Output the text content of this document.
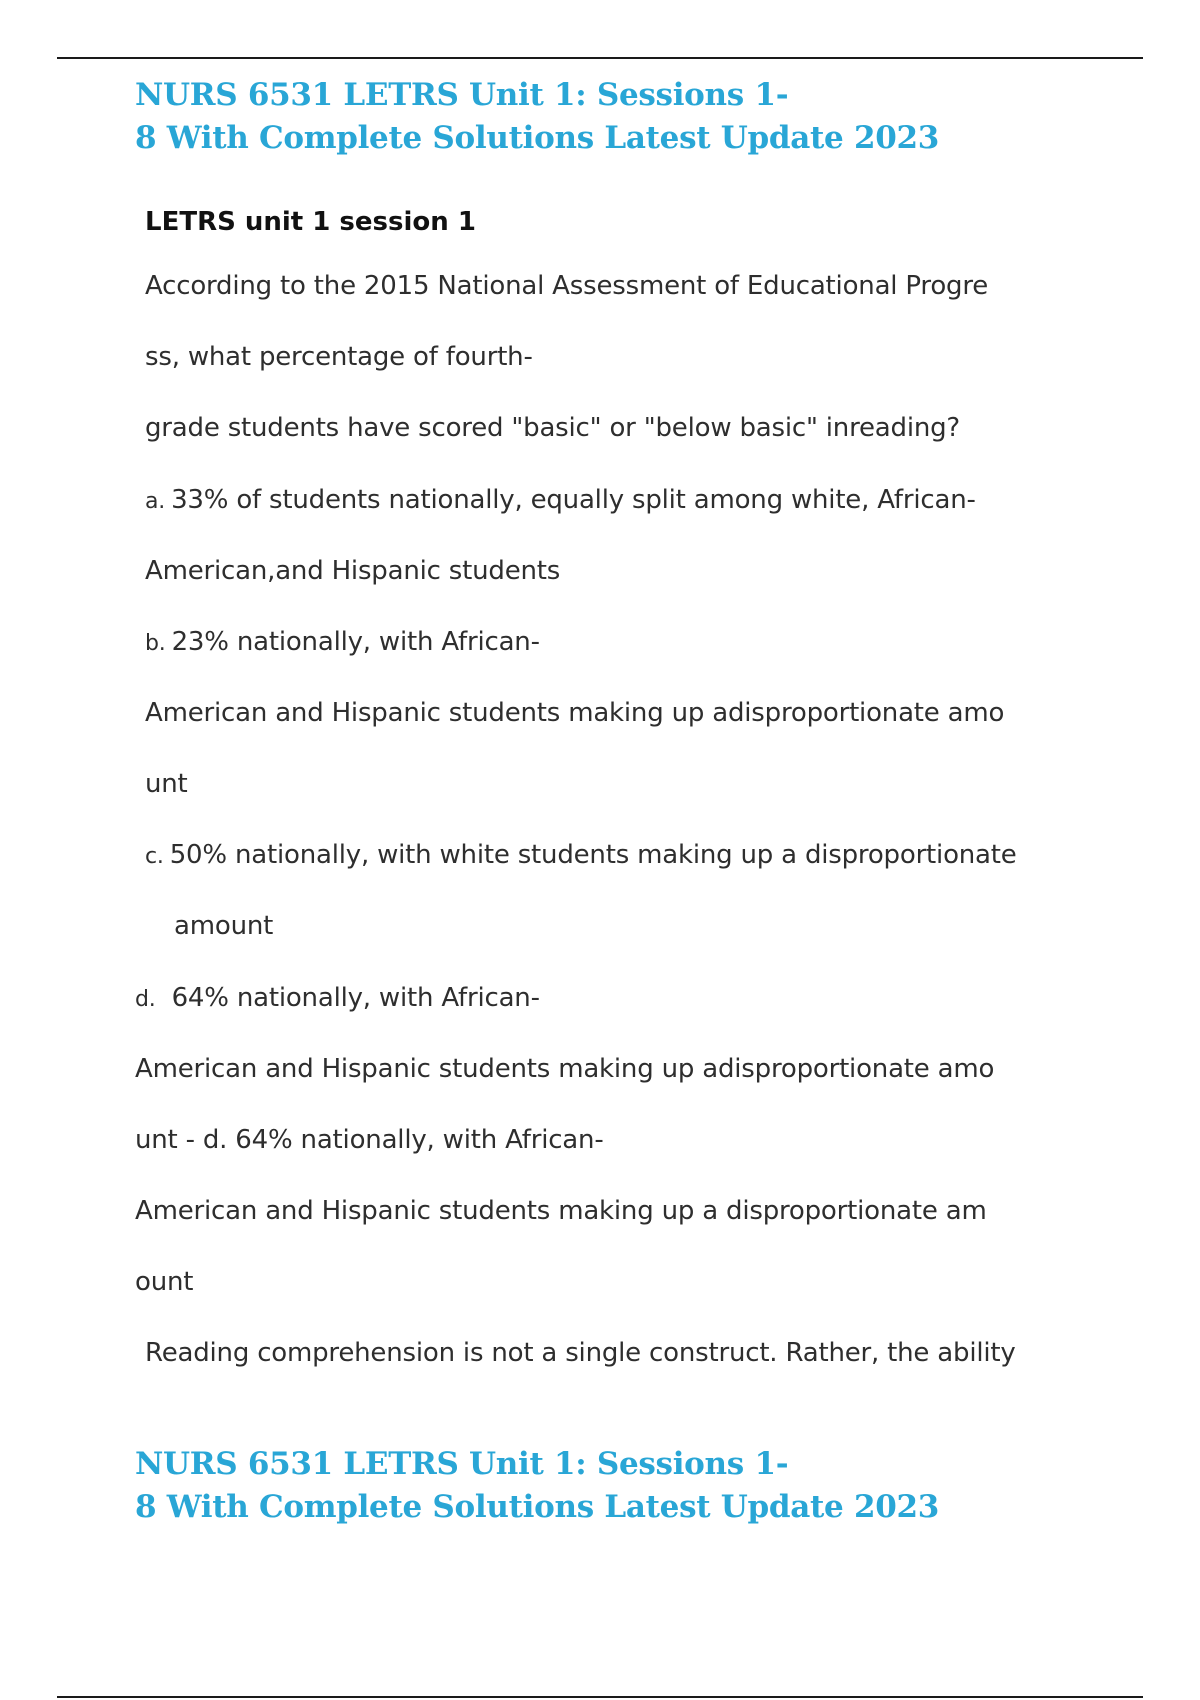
NURS 6531 LETRS Unit 1: Sessions 1-
8 With Complete Solutions Latest Update 2023
LETRS unit 1 session 1
According to the 2015 National Assessment of Educational Progre
ss, what percentage of fourth-
grade students have scored "basic" or "below basic" inreading?
a. 33% of students nationally, equally split among white, African-
American,and Hispanic students
b. 23% nationally, with African-
American and Hispanic students making up adisproportionate amo
unt
c. 50% nationally, with white students making up a disproportionate
amount
d. 64% nationally, with African-
American and Hispanic students making up adisproportionate amo
unt - d. 64% nationally, with African-
American and Hispanic students making up a disproportionate am
ount
Reading comprehension is not a single construct. Rather, the ability
NURS 6531 LETRS Unit 1: Sessions 1-
8 With Complete Solutions Latest Update 2023
